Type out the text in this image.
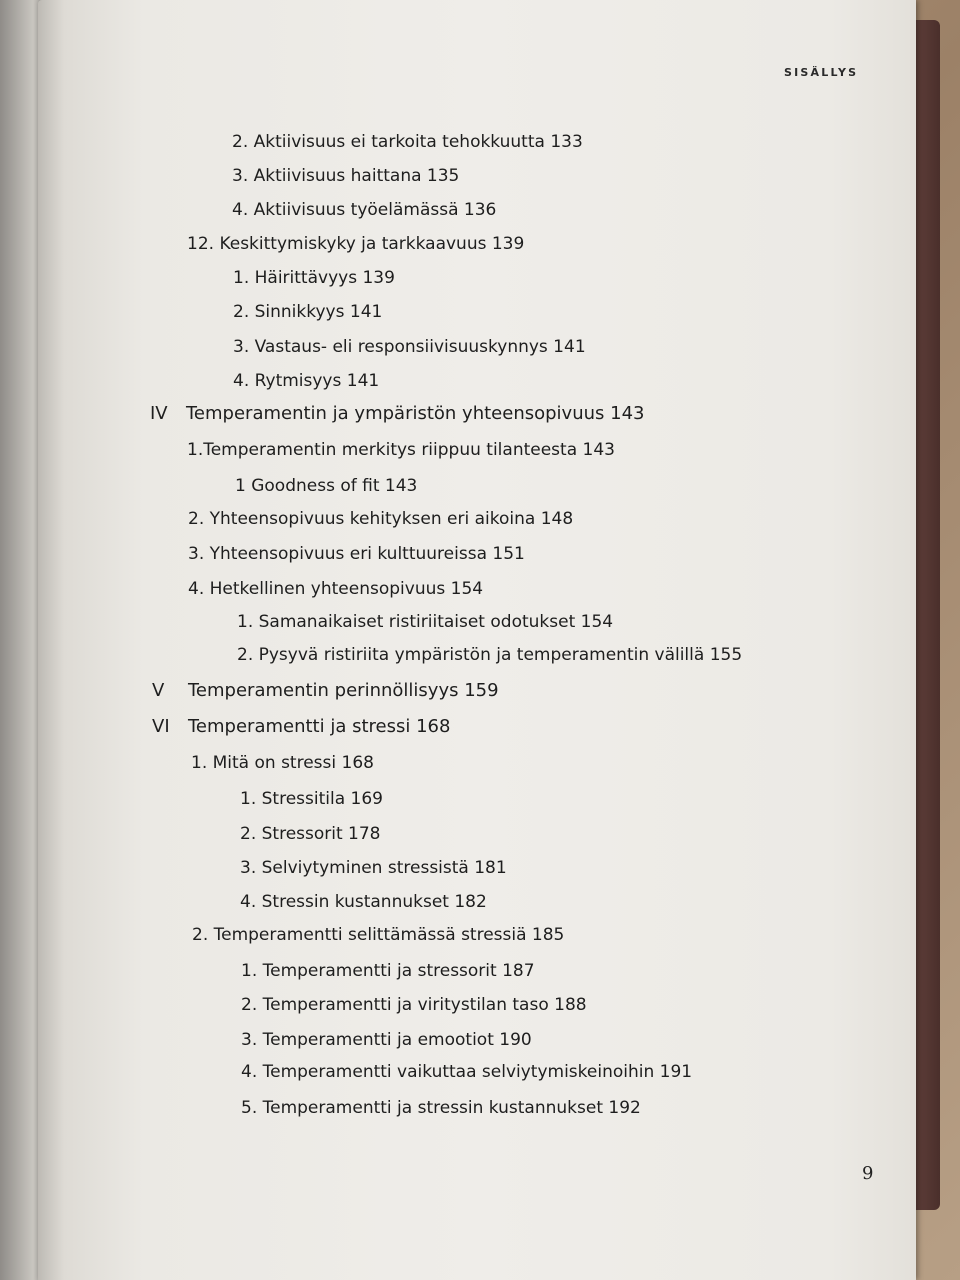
SISÄLLYS
2. Aktiivisuus ei tarkoita tehokkuutta 133
3. Aktiivisuus haittana 135
4. Aktiivisuus työelämässä 136
12. Keskittymiskyky ja tarkkaavuus 139
1. Häirittävyys 139
2. Sinnikkyys 141
3. Vastaus- eli responsiivisuuskynnys 141
4. Rytmisyys 141
IV Temperamentin ja ympäristön yhteensopivuus 143
1.Temperamentin merkitys riippuu tilanteesta 143
1 Goodness of fit 143
2. Yhteensopivuus kehityksen eri aikoina 148
3. Yhteensopivuus eri kulttuureissa 151
4. Hetkellinen yhteensopivuus 154
1. Samanaikaiset ristiriitaiset odotukset 154
2. Pysyvä ristiriita ympäristön ja temperamentin välillä 155
V Temperamentin perinnöllisyys 159
VI Temperamentti ja stressi 168
1. Mitä on stressi 168
1. Stressitila 169
2. Stressorit 178
3. Selviytyminen stressistä 181
4. Stressin kustannukset 182
2. Temperamentti selittämässä stressiä 185
1. Temperamentti ja stressorit 187
2. Temperamentti ja viritystilan taso 188
3. Temperamentti ja emootiot 190
4. Temperamentti vaikuttaa selviytymiskeinoihin 191
5. Temperamentti ja stressin kustannukset 192
9
